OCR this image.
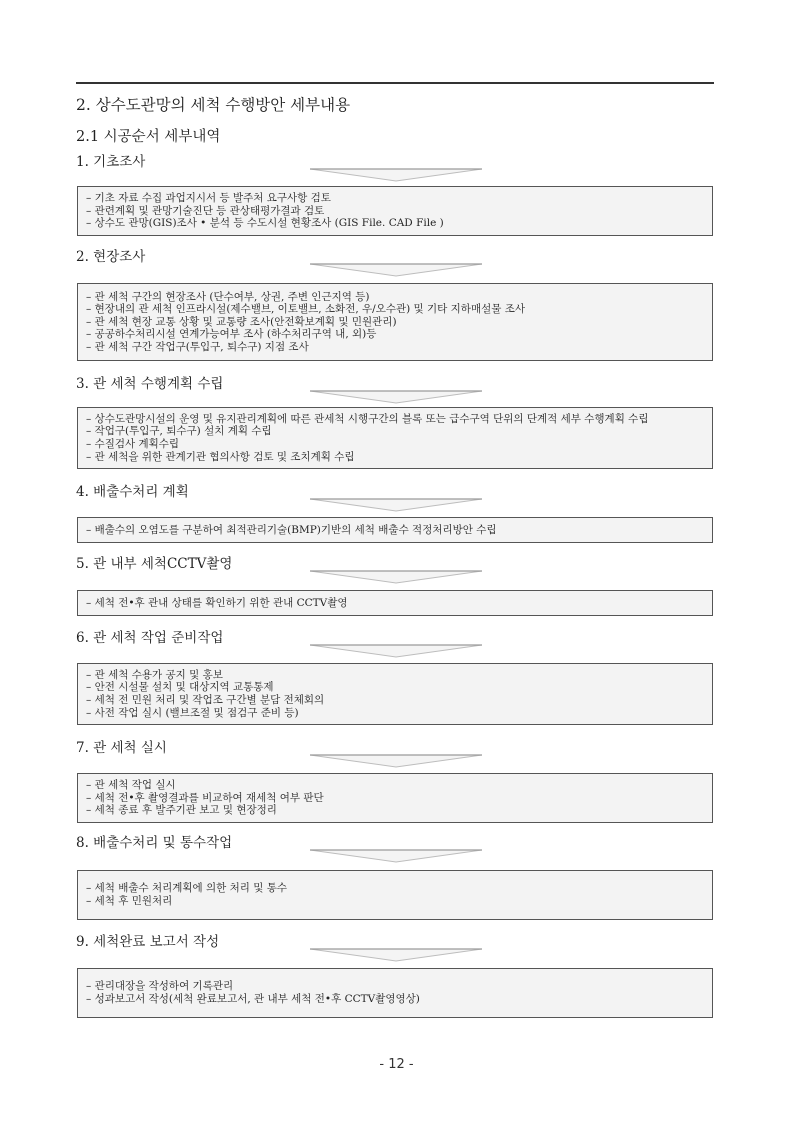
2. 상수도관망의 세척 수행방안 세부내용
2.1 시공순서 세부내역
1. 기초조사
– 기초 자료 수집 과업지시서 등 발주처 요구사항 검토
– 관련계획 및 관망기술진단 등 관상태평가결과 검토
– 상수도 관망(GIS)조사 • 분석 등 수도시설 현황조사 (GIS File. CAD File )
2. 현장조사
– 관 세척 구간의 현장조사 (단수여부, 상권, 주변 인근지역 등)
– 현장내의 관 세척 인프라시설(제수밸브, 이토밸브, 소화전, 우/오수관) 및 기타 지하매설물 조사
– 관 세척 현장 교통 상황 및 교통량 조사(안전확보계획 및 민원관리)
– 공공하수처리시설 연계가능여부 조사 (하수처리구역 내, 외)등
– 관 세척 구간 작업구(투입구, 퇴수구) 지점 조사
3. 관 세척 수행계획 수립
– 상수도관망시설의 운영 및 유지관리계획에 따른 관세척 시행구간의 블록 또는 급수구역 단위의 단계적 세부 수행계획 수립
– 작업구(투입구, 퇴수구) 설치 계획 수립
– 수질검사 계획수립
– 관 세척을 위한 관계기관 협의사항 검토 및 조치계획 수립
4. 배출수처리 계획
– 배출수의 오염도를 구분하여 최적관리기술(BMP)기반의 세척 배출수 적정처리방안 수립
5. 관 내부 세척CCTV촬영
– 세척 전•후 관내 상태를 확인하기 위한 관내 CCTV촬영
6. 관 세척 작업 준비작업
– 관 세척 수용가 공지 및 홍보
– 안전 시설물 설치 및 대상지역 교통통제
– 세척 전 민원 처리 및 작업조 구간별 분담 전체회의
– 사전 작업 실시 (밸브조절 및 점검구 준비 등)
7. 관 세척 실시
– 관 세척 작업 실시
– 세척 전•후 촬영결과를 비교하여 재세척 여부 판단
– 세척 종료 후 발주기관 보고 및 현장정리
8. 배출수처리 및 통수작업
– 세척 배출수 처리계획에 의한 처리 및 통수
– 세척 후 민원처리
9. 세척완료 보고서 작성
– 관리대장을 작성하여 기록관리
– 성과보고서 작성(세척 완료보고서, 관 내부 세척 전•후 CCTV촬영영상)
- 12 -
